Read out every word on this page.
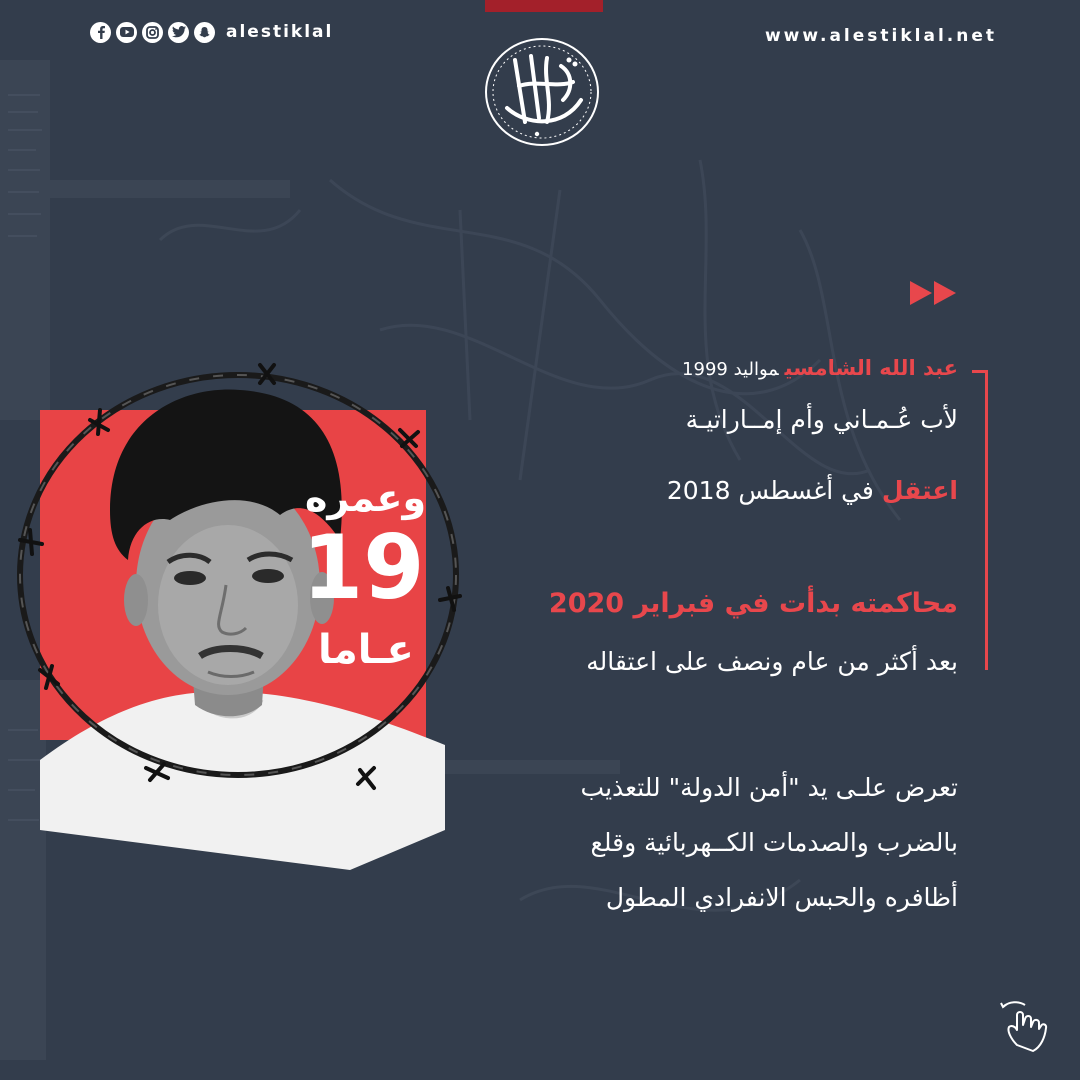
alestiklal	www.alestiklal.net
عبد الله الشامسيمواليد 1999
لأب عُـمـاني وأم إمــاراتيـة
اعتقل في أغسطس 2018
محاكمته بدأت في فبراير 2020
بعد أكثر من عام ونصف على اعتقاله
تعرض علـى يد "أمن الدولة" للتعذيب
بالضرب والصدمات الكــهربائية وقلع
أظافره والحبس الانفرادي المطول
وعمره
19
عـاما
